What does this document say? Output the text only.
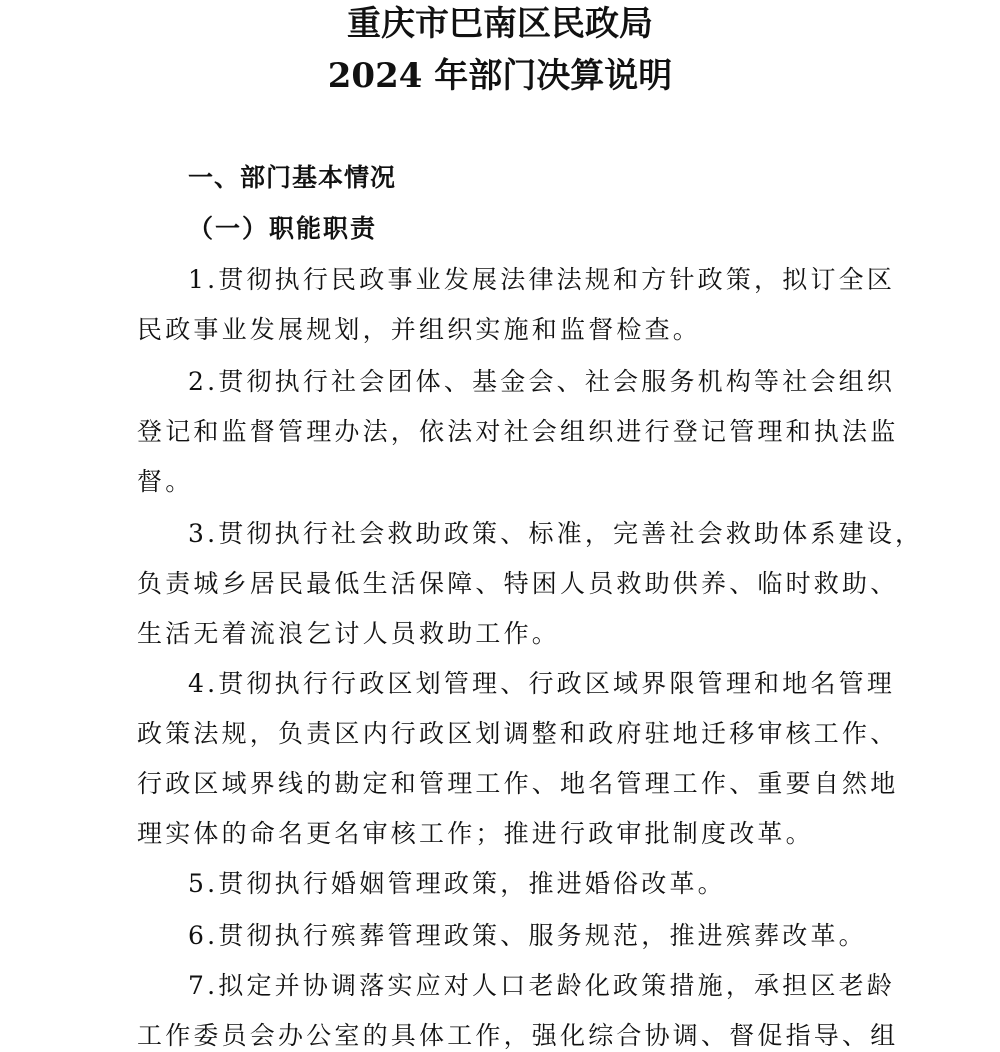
重庆市巴南区民政局
2024 年部门决算说明
一、部门基本情况
（一）职能职责

1.贯彻执行民政事业发展法律法规和方针政策，拟订全区

民政事业发展规划，并组织实施和监督检查。

2.贯彻执行社会团体、基金会、社会服务机构等社会组织

登记和监督管理办法，依法对社会组织进行登记管理和执法监

督。

3.贯彻执行社会救助政策、标准，完善社会救助体系建设，

负责城乡居民最低生活保障、特困人员救助供养、临时救助、

生活无着流浪乞讨人员救助工作。

4.贯彻执行行政区划管理、行政区域界限管理和地名管理

政策法规，负责区内行政区划调整和政府驻地迁移审核工作、

行政区域界线的勘定和管理工作、地名管理工作、重要自然地

理实体的命名更名审核工作；推进行政审批制度改革。

5.贯彻执行婚姻管理政策，推进婚俗改革。

6.贯彻执行殡葬管理政策、服务规范，推进殡葬改革。

7.拟定并协调落实应对人口老龄化政策措施，承担区老龄

工作委员会办公室的具体工作，强化综合协调、督促指导、组
